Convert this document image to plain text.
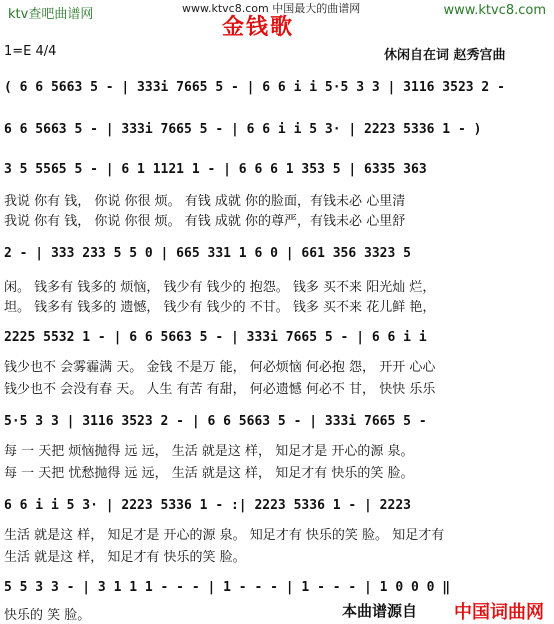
ktv查吧曲谱网	www.ktvc8.com 中国最大的曲谱网	www.ktvc8.com
金钱歌
1=E 4/4	休闲自在词 赵秀宫曲
( 6 6 5663 5 - | 333i 7665 5 - | 6 6 i i 5·5 3 3 | 3116 3523 2 -
6 6 5663 5 - | 333i 7665 5 - | 6 6 i i 5 3· | 2223 5336 1 - )
3 5 5565 5 - | 6 1 1121 1 - | 6 6 6 1 353 5 | 6335 363
我说 你有 钱， 你说 你很 烦。 有钱 成就 你的脸面，有钱未必 心里清
我说 你有 钱， 你说 你很 烦。 有钱 成就 你的尊严，有钱未必 心里舒
2 - | 333 233 5 5 0 | 665 331 1 6 0 | 661 356 3323 5
闲。 钱多有 钱多的 烦恼， 钱少有 钱少的 抱怨。 钱多 买不来 阳光灿 烂，
坦。 钱多有 钱多的 遗憾， 钱少有 钱少的 不甘。 钱多 买不来 花儿鲜 艳，
2225 5532 1 - | 6 6 5663 5 - | 333i 7665 5 - | 6 6 i i
钱少也不 会雾霾满 天。 金钱 不是万 能， 何必烦恼 何必抱 怨， 开开 心心
钱少也不 会没有春 天。 人生 有苦 有甜， 何必遗憾 何必不 甘， 快快 乐乐
5·5 3 3 | 3116 3523 2 - | 6 6 5663 5 - | 333i 7665 5 -
每 一 天把 烦恼抛得 远 远， 生活 就是这 样， 知足才是 开心的源 泉。
每 一 天把 忧愁抛得 远 远， 生活 就是这 样， 知足才有 快乐的笑 脸。
6 6 i i 5 3· | 2223 5336 1 - :| 2223 5336 1 - | 2223
生活 就是这 样， 知足才是 开心的源 泉。 知足才有 快乐的笑 脸。 知足才有
生活 就是这 样， 知足才有 快乐的笑 脸。
5 5 3 3 - | 3 1 1 1 - - - | 1 - - - | 1 - - - | 1 0 0 0 ‖
快乐的 笑 脸。	本曲谱源自 中国词曲网
